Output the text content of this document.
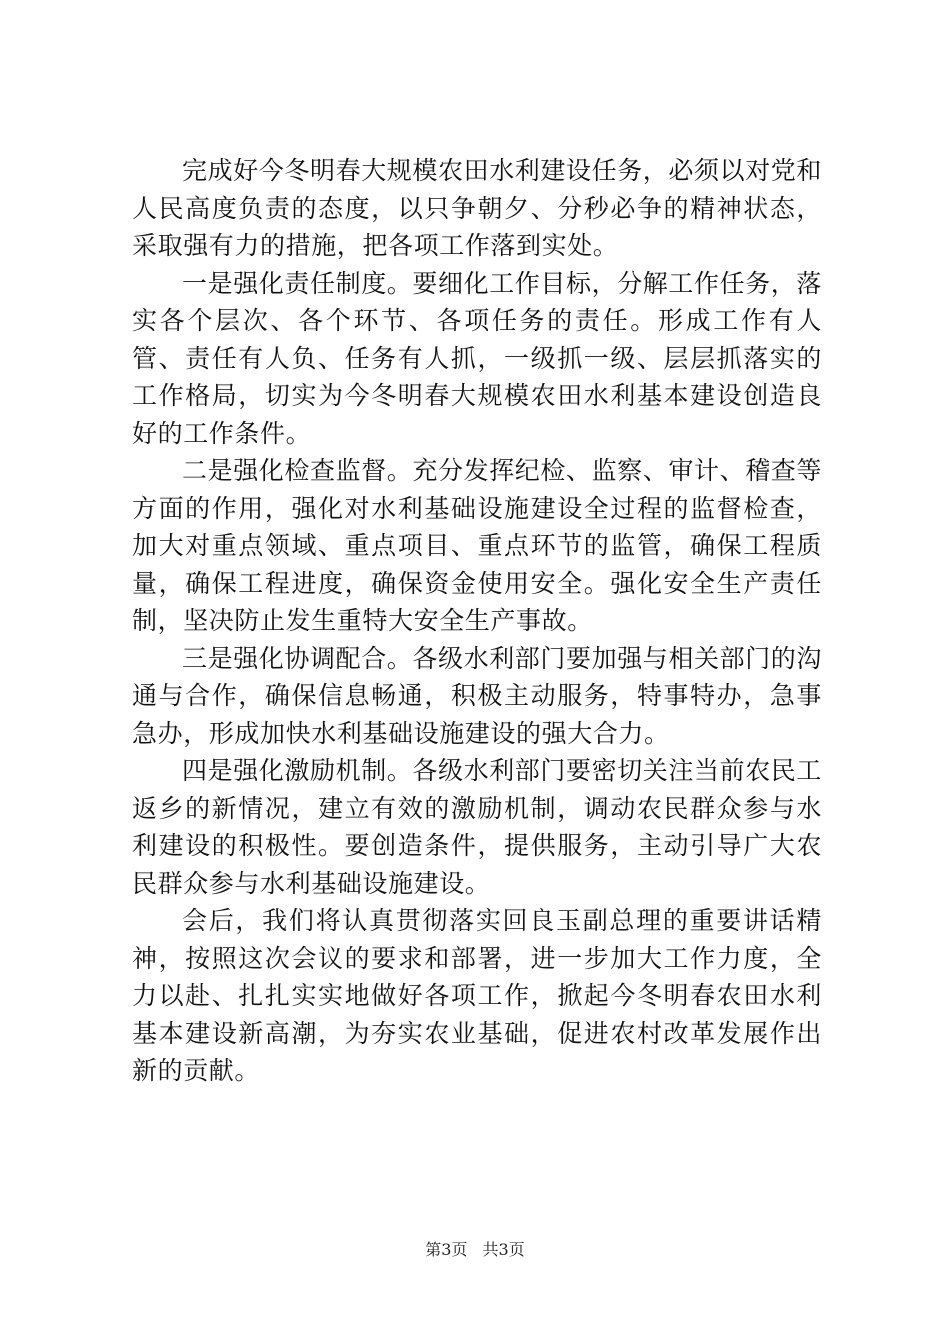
完成好今冬明春大规模农田水利建设任务，必须以对党和人民高度负责的态度，以只争朝夕、分秒必争的精神状态，采取强有力的措施，把各项工作落到实处。

一是强化责任制度。要细化工作目标，分解工作任务，落实各个层次、各个环节、各项任务的责任。形成工作有人管、责任有人负、任务有人抓，一级抓一级、层层抓落实的工作格局，切实为今冬明春大规模农田水利基本建设创造良好的工作条件。

二是强化检查监督。充分发挥纪检、监察、审计、稽查等方面的作用，强化对水利基础设施建设全过程的监督检查，加大对重点领域、重点项目、重点环节的监管，确保工程质量，确保工程进度，确保资金使用安全。强化安全生产责任制，坚决防止发生重特大安全生产事故。

三是强化协调配合。各级水利部门要加强与相关部门的沟通与合作，确保信息畅通，积极主动服务，特事特办，急事急办，形成加快水利基础设施建设的强大合力。

四是强化激励机制。各级水利部门要密切关注当前农民工返乡的新情况，建立有效的激励机制，调动农民群众参与水利建设的积极性。要创造条件，提供服务，主动引导广大农民群众参与水利基础设施建设。

会后，我们将认真贯彻落实回良玉副总理的重要讲话精神，按照这次会议的要求和部署，进一步加大工作力度，全力以赴、扎扎实实地做好各项工作，掀起今冬明春农田水利基本建设新高潮，为夯实农业基础，促进农村改革发展作出新的贡献。

第3页 共3页
